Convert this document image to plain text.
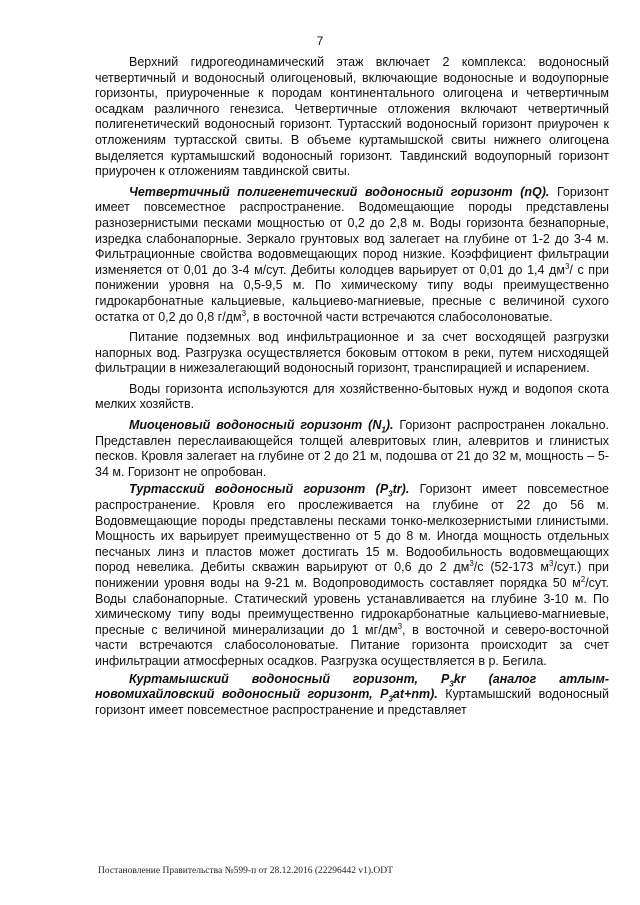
7

Верхний гидрогеодинамический этаж включает 2 комплекса: водоносный четвертичный и водоносный олигоценовый, включающие водоносные и водоупорные горизонты, приуроченные к породам континентального олигоцена и четвертичным осадкам различного генезиса. Четвертичные отложения включают четвертичный полигенетический водоносный горизонт. Туртасский водоносный горизонт приурочен к отложениям туртасской свиты. В объеме куртамышской свиты нижнего олигоцена выделяется куртамышский водоносный горизонт. Тавдинский водоупорный горизонт приурочен к отложениям тавдинской свиты.

Четвертичный полигенетический водоносный горизонт (nQ). Горизонт имеет повсеместное распространение. Водомещающие породы представлены разнозернистыми песками мощностью от 0,2 до 2,8 м. Воды горизонта безнапорные, изредка слабонапорные. Зеркало грунтовых вод залегает на глубине от 1-2 до 3-4 м. Фильтрационные свойства водовмещающих пород низкие. Коэффициент фильтрации изменяется от 0,01 до 3-4 м/сут. Дебиты колодцев варьирует от 0,01 до 1,4 $дм^3/$ с при понижении уровня на 0,5-9,5 м. По химическому типу воды преимущественно гидрокарбонатные кальциевые, кальциево-магниевые, пресные с величиной сухого остатка от 0,2 до 0,8 $г/дм^3$, в восточной части встречаются слабосолоноватые.

Питание подземных вод инфильтрационное и за счет восходящей разгрузки напорных вод. Разгрузка осуществляется боковым оттоком в реки, путем нисходящей фильтрации в нижезалегающий водоносный горизонт, транспирацией и испарением.

Воды горизонта используются для хозяйственно-бытовых нужд и водопоя скота мелких хозяйств.

Миоценовый водоносный горизонт $(N_1)$. Горизонт распространен локально. Представлен переслаивающейся толщей алевритовых глин, алевритов и глинистых песков. Кровля залегает на глубине от 2 до 21 м, подошва от 21 до 32 м, мощность – 5-34 м. Горизонт не опробован.

Туртасский водоносный горизонт $(P_3tr)$. Горизонт имеет повсеместное распространение. Кровля его прослеживается на глубине от 22 до 56 м. Водовмещающие породы представлены песками тонко-мелкозернистыми глинистыми. Мощность их варьирует преимущественно от 5 до 8 м. Иногда мощность отдельных песчаных линз и пластов может достигать 15 м. Водообильность водовмещающих пород невелика. Дебиты скважин варьируют от 0,6 до 2 $дм^3/с$ (52-173 $м^3/сут$.) при понижении уровня воды на 9-21 м. Водопроводимость составляет порядка 50 $м^2$/сут. Воды слабонапорные. Статический уровень устанавливается на глубине 3-10 м. По химическому типу воды преимущественно гидрокарбонатные кальциево-магниевые, пресные с величиной минерализации до 1 $мг/дм^3$, в восточной и северо-восточной части встречаются слабосолоноватые. Питание горизонта происходит за счет инфильтрации атмосферных осадков. Разгрузка осуществляется в р. Бегила.

Куртамышский водоносный горизонт, $P_3kr$ (аналог атлым-новомихайловский водоносный горизонт, $P_3at+nm$). Куртамышский водоносный горизонт имеет повсеместное распространение и представляет

Постановление Правительства №599-п от 28.12.2016 (22296442 v1).ODT
